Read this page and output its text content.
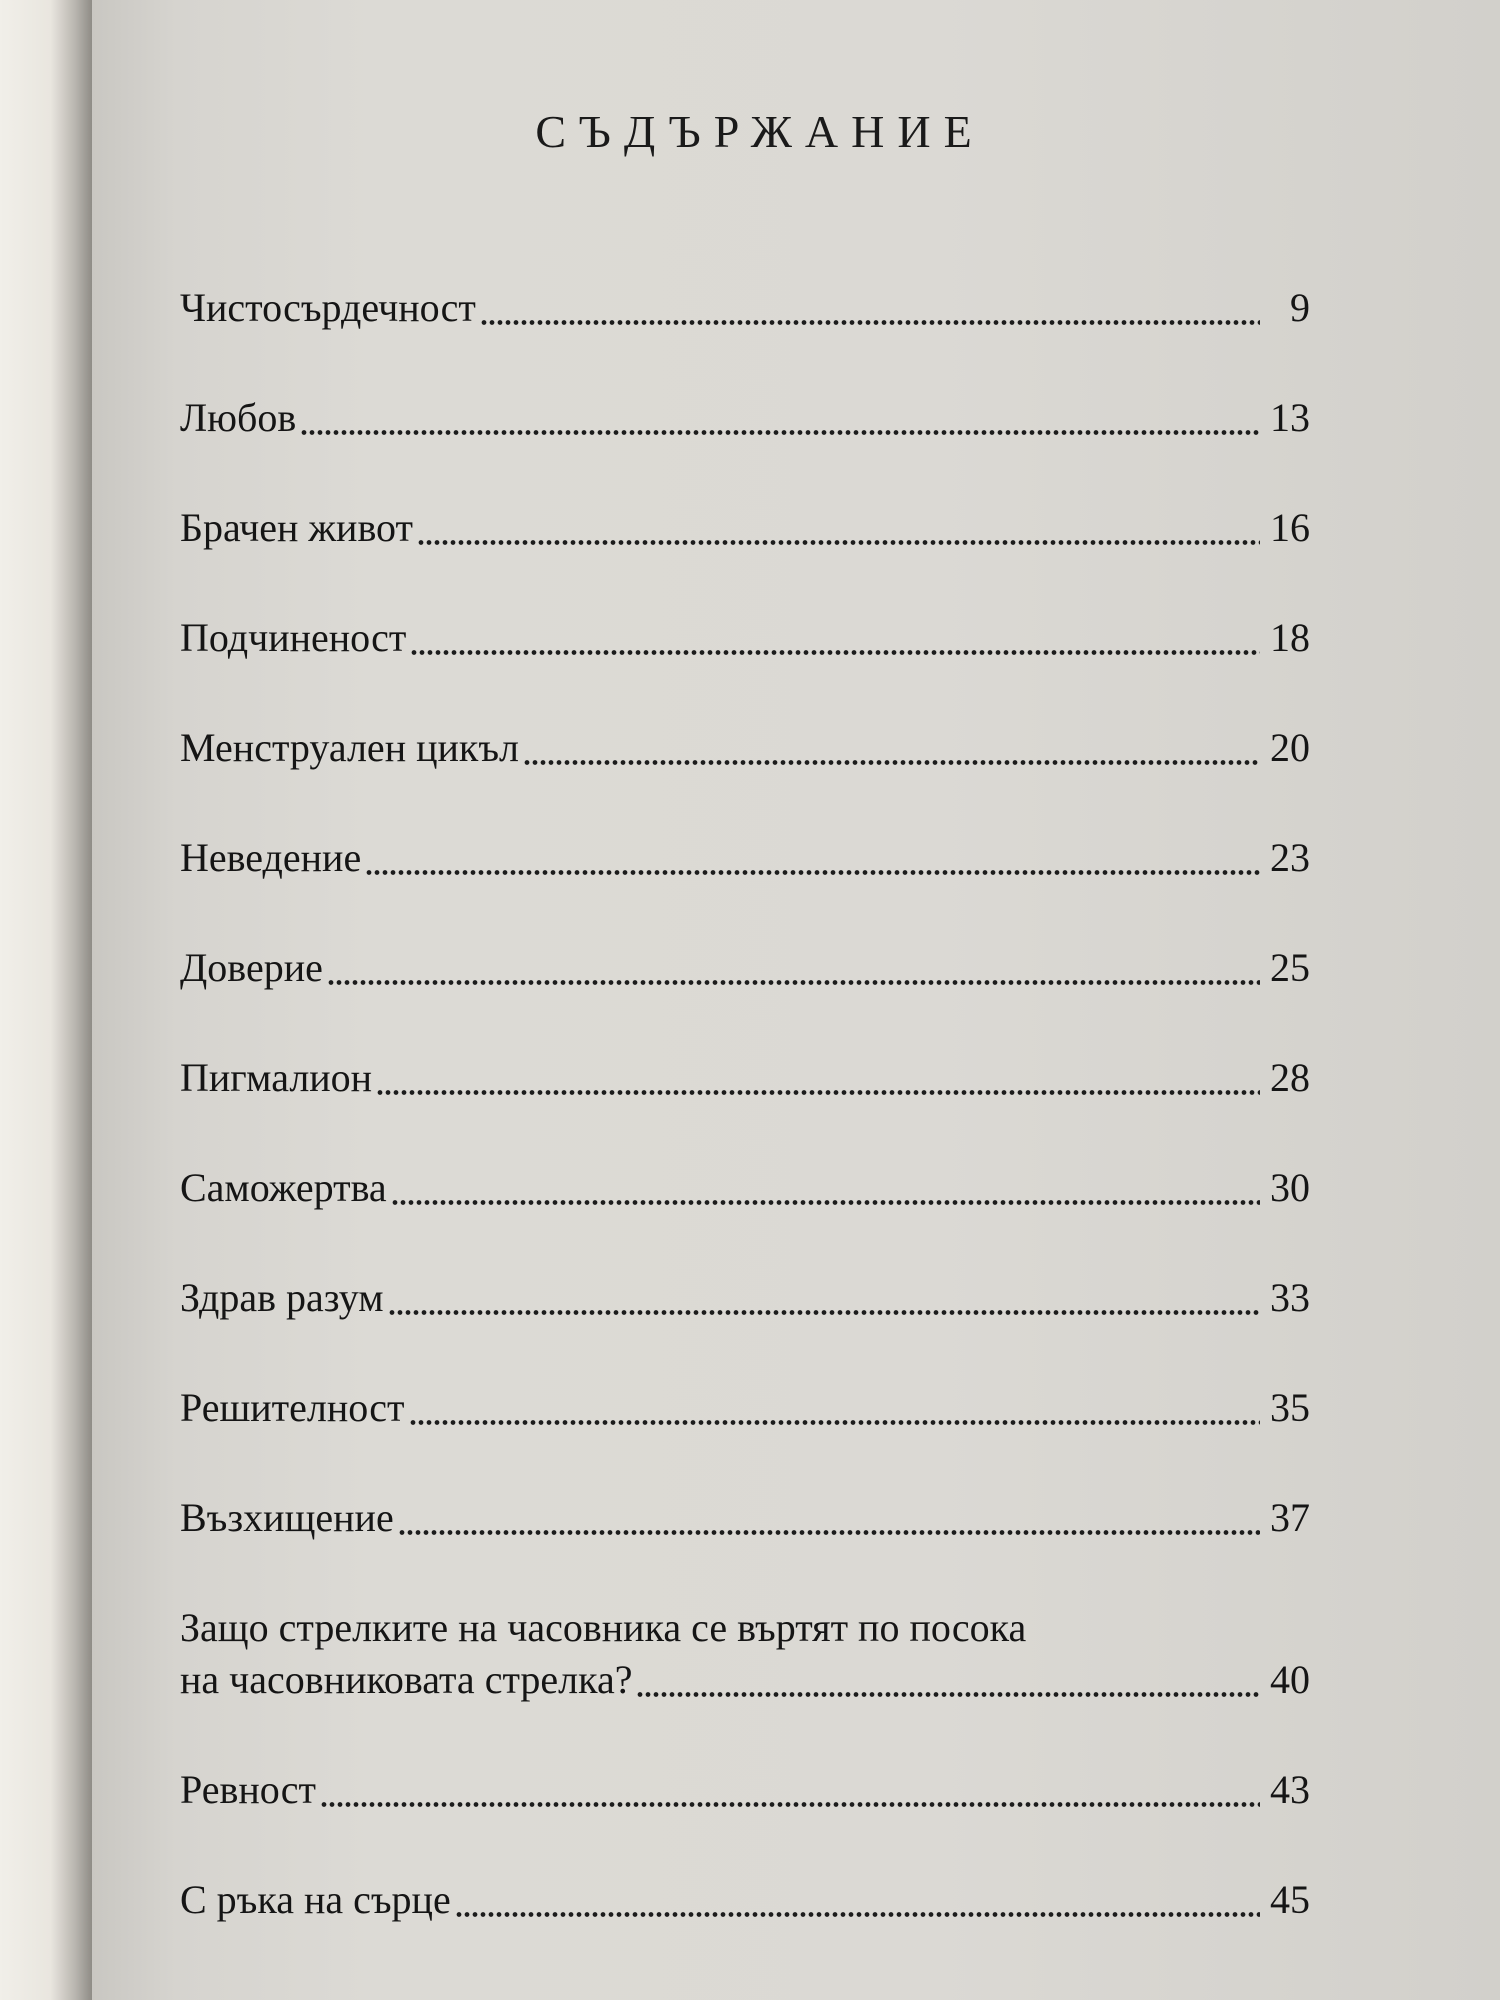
СЪДЪРЖАНИЕ
Чистосърдечност	9
Любов	13
Брачен живот	16
Подчиненост	18
Менструален цикъл	20
Неведение	23
Доверие	25
Пигмалион	28
Саможертва	30
Здрав разум	33
Решителност	35
Възхищение	37
Защо стрелките на часовника се въртят по посока
на часовниковата стрелка?	40
Ревност	43
С ръка на сърце	45
